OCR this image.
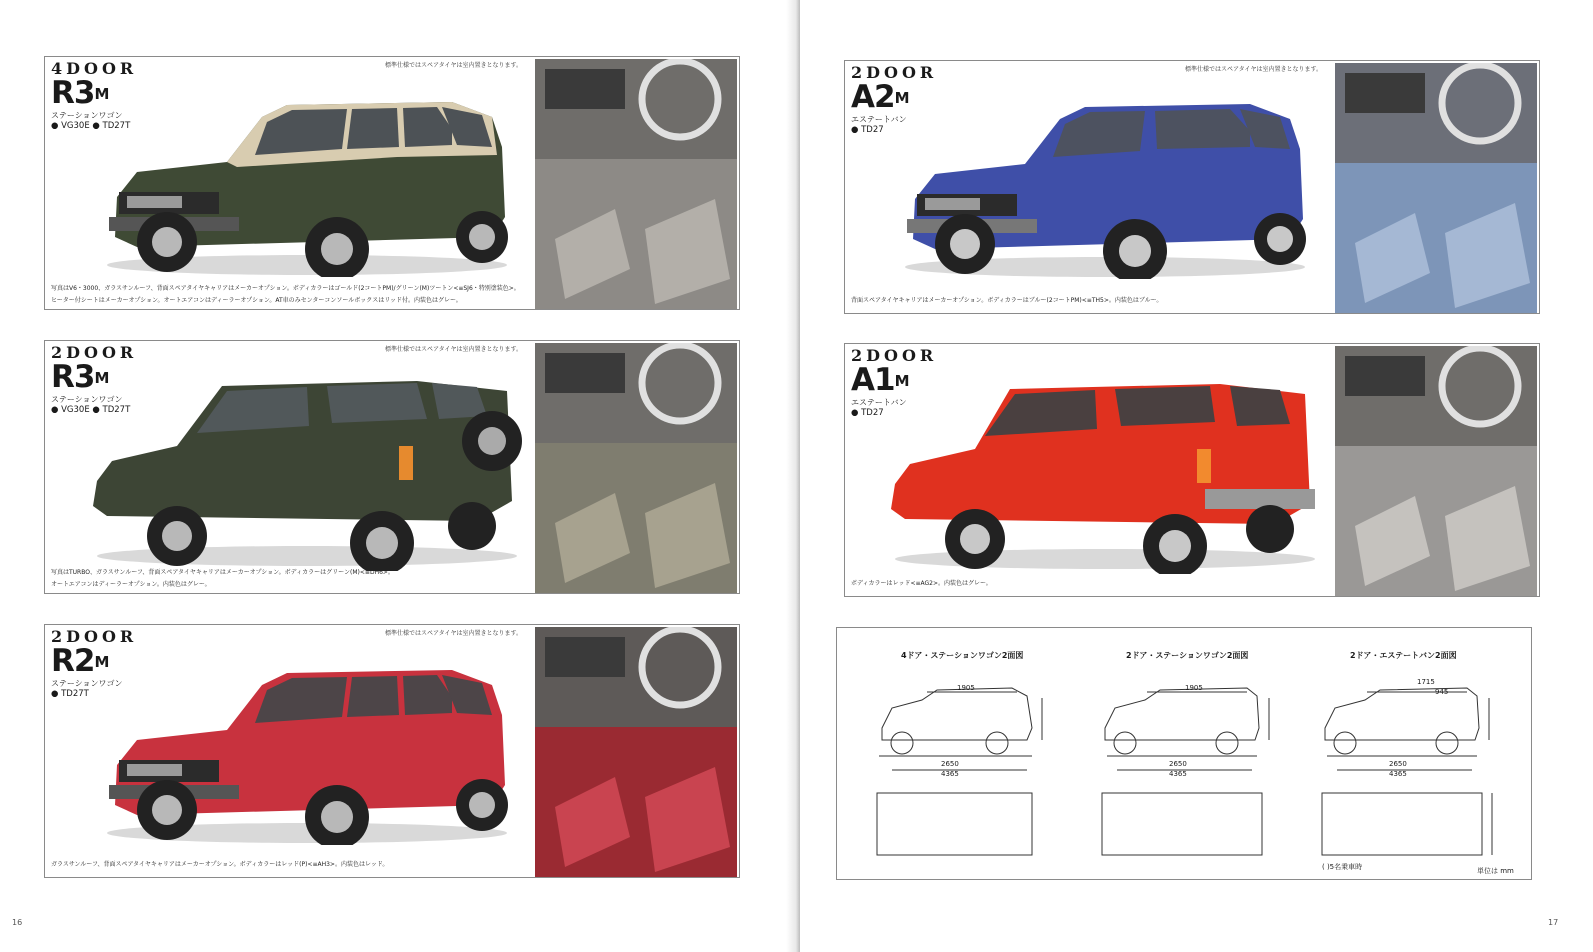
4DOOR
$R3^M$
ステーションワゴン
● VG30E ● TD27T
標準仕様ではスペアタイヤは室内置きとなります。
写真はV6・3000、ガラスサンルーフ、背面スペアタイヤキャリアはメーカーオプション。ボディカラーはゴールド(2コートPM)/グリーン(M)ツートン<≡SJ6・特別塗装色>。
ヒーター付シートはメーカーオプション。オートエアコンはディーラーオプション。AT車のみセンターコンソールボックスはリッド付。内装色はグレー。
2DOOR
$R3^M$
ステーションワゴン
● VG30E ● TD27T
標準仕様ではスペアタイヤは室内置きとなります。
写真はTURBO、ガラスサンルーフ、背面スペアタイヤキャリアはメーカーオプション。ボディカラーはグリーン(M)<≡DH6>。
オートエアコンはディーラーオプション。内装色はグレー。
2DOOR
$R2^M$
ステーションワゴン
● TD27T
標準仕様ではスペアタイヤは室内置きとなります。
ガラスサンルーフ、背面スペアタイヤキャリアはメーカーオプション。ボディカラーはレッド(P)<≡AH3>。内装色はレッド。
16
2DOOR
$A2^M$
エステートバン
● TD27
標準仕様ではスペアタイヤは室内置きとなります。
背面スペアタイヤキャリアはメーカーオプション。ボディカラーはブルー(2コートPM)<≡TH5>。内装色はブルー。
2DOOR
$A1^M$
エステートバン
● TD27
ボディカラーはレッド<≡AG2>。内装色はグレー。
4ドア・ステーションワゴン2面図	2ドア・ステーションワゴン2面図	2ドア・エステートバン2面図
1905	1905
1715
945
2650	2650	2650
4365	4365	4365
( )5名乗車時	単位は mm
17
